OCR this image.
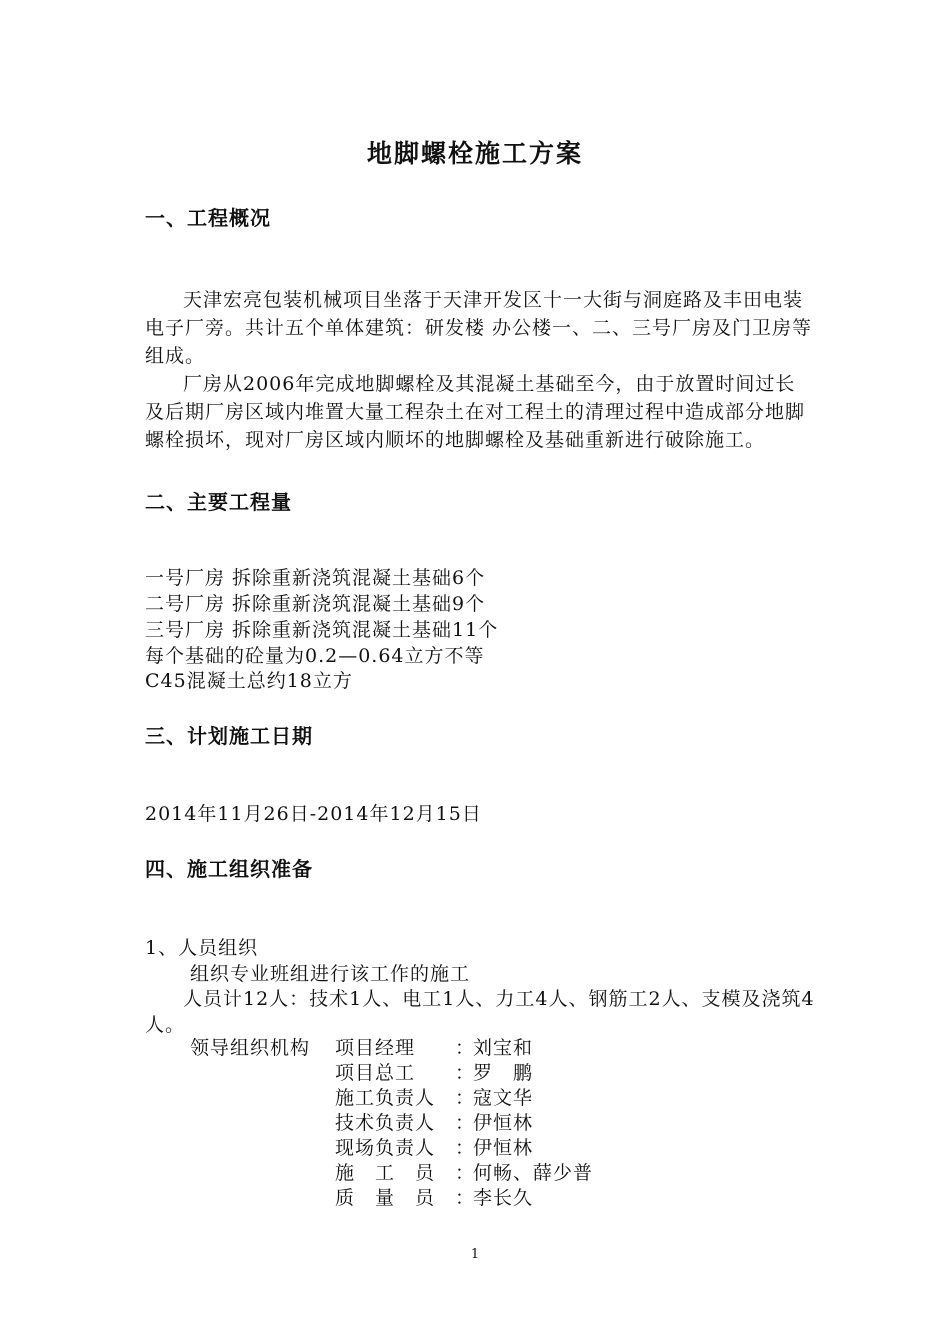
地脚螺栓施工方案
一、工程概况
天津宏亮包装机械项目坐落于天津开发区十一大街与洞庭路及丰田电装电子厂旁。共计五个单体建筑：研发楼 办公楼一、二、三号厂房及门卫房等组成。
厂房从2006年完成地脚螺栓及其混凝土基础至今，由于放置时间过长及后期厂房区域内堆置大量工程杂土在对工程土的清理过程中造成部分地脚螺栓损坏，现对厂房区域内顺坏的地脚螺栓及基础重新进行破除施工。
二、主要工程量
一号厂房 拆除重新浇筑混凝土基础6个
二号厂房 拆除重新浇筑混凝土基础9个
三号厂房 拆除重新浇筑混凝土基础11个
每个基础的砼量为0.2—0.64立方不等
C45混凝土总约18立方
三、计划施工日期
2014年11月26日-2014年12月15日
四、施工组织准备
1、人员组织
组织专业班组进行该工作的施工
人员计12人：技术1人、电工1人、力工4人、钢筋工2人、支模及浇筑4人。
领导组织机构 项目经理 ：刘宝和
项目总工 ：罗　鹏
施工负责人 ：寇文华
技术负责人 ：伊恒林
现场负责人 ：伊恒林
施　工　员 ：何畅、薛少普
质　量　员 ：李长久
1
